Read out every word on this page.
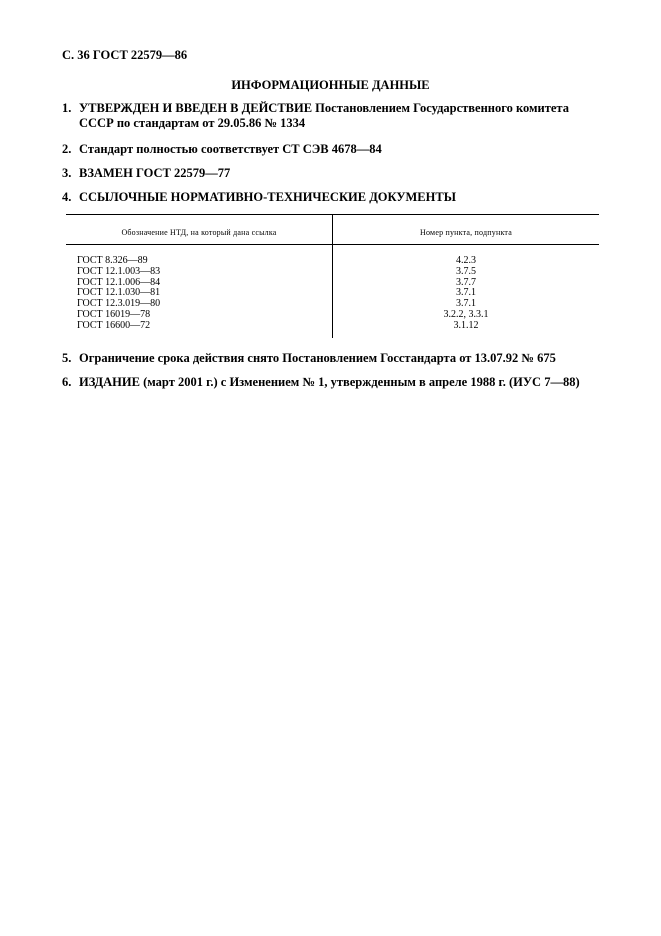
С. 36 ГОСТ 22579—86
ИНФОРМАЦИОННЫЕ ДАННЫЕ
1. УТВЕРЖДЕН И ВВЕДЕН В ДЕЙСТВИЕ Постановлением Государственного комитета СССР по стандартам от 29.05.86 № 1334
2. Стандарт полностью соответствует СТ СЭВ 4678—84
3. ВЗАМЕН ГОСТ 22579—77
4. ССЫЛОЧНЫЕ НОРМАТИВНО-ТЕХНИЧЕСКИЕ ДОКУМЕНТЫ
Обозначение НТД, на который дана ссылка	Номер пункта, подпункта
ГОСТ 8.326—89	4.2.3
ГОСТ 12.1.003—83	3.7.5
ГОСТ 12.1.006—84	3.7.7
ГОСТ 12.1.030—81	3.7.1
ГОСТ 12.3.019—80	3.7.1
ГОСТ 16019—78	3.2.2, 3.3.1
ГОСТ 16600—72	3.1.12
5. Ограничение срока действия снято Постановлением Госстандарта от 13.07.92 № 675
6. ИЗДАНИЕ (март 2001 г.) с Изменением № 1, утвержденным в апреле 1988 г. (ИУС 7—88)
